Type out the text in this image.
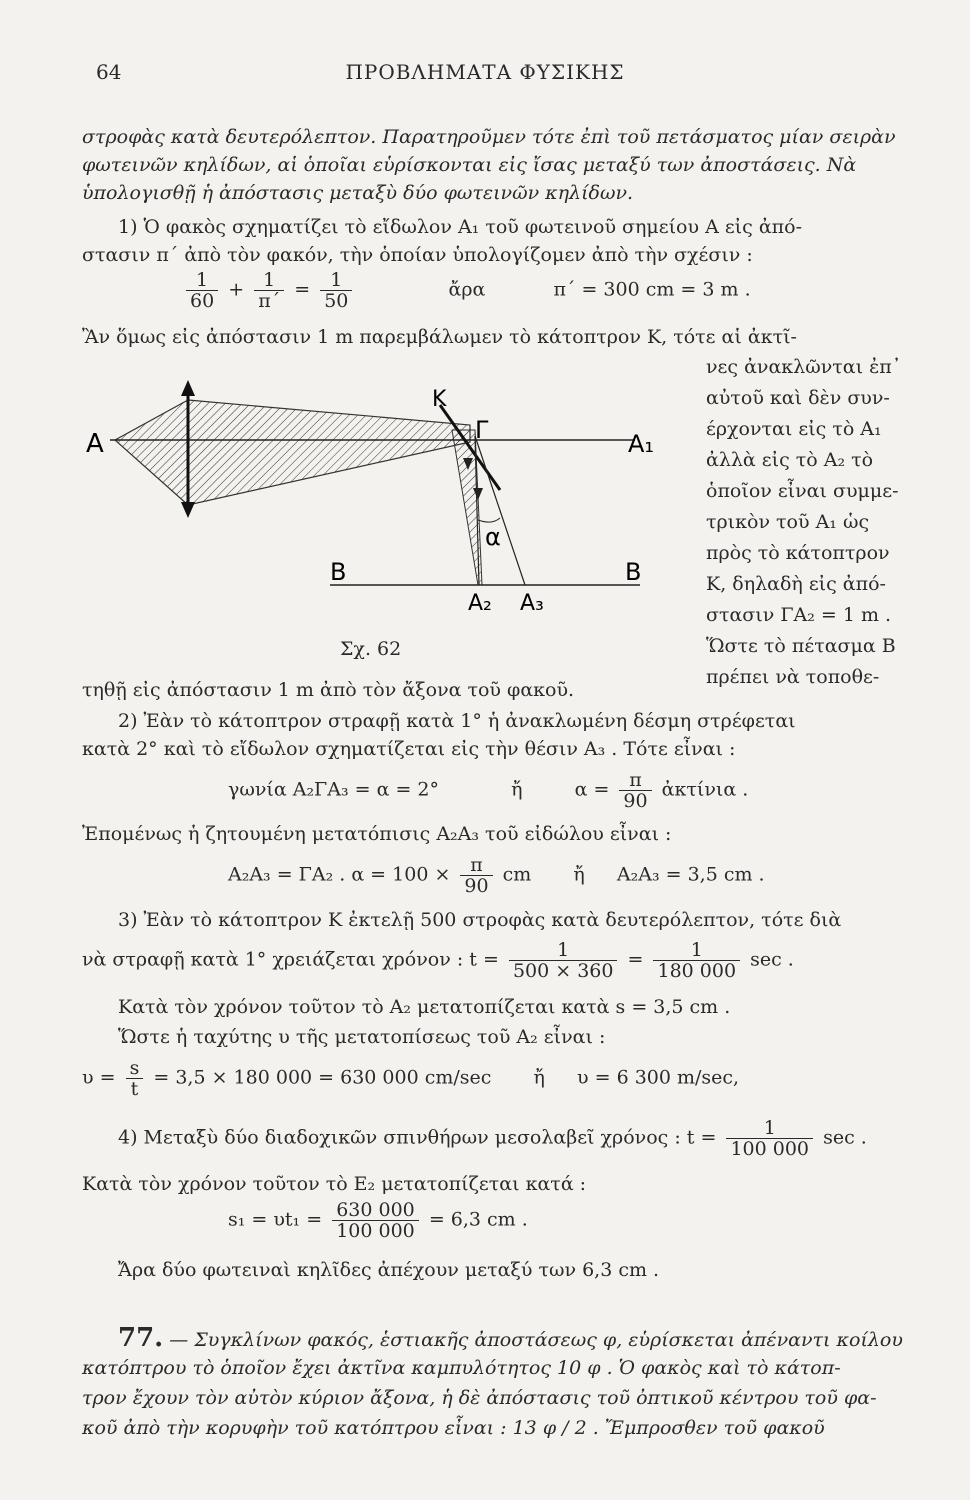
64	ΠΡΟΒΛΗΜΑΤΑ ΦΥΣΙΚΗΣ
στροφὰς κατὰ δευτερόλεπτον. Παρατηροῦμεν τότε ἐπὶ τοῦ πετάσματος μίαν σειρὰν
φωτεινῶν κηλίδων, αἱ ὁποῖαι εὑρίσκονται εἰς ἴσας μεταξύ των ἀποστάσεις. Νὰ
ὑπολογισθῇ ἡ ἀπόστασις μεταξὺ δύο φωτεινῶν κηλίδων.
1) Ὁ φακὸς σχηματίζει τὸ εἴδωλον Α₁ τοῦ φωτεινοῦ σημείου Α εἰς ἀπό-
στασιν π΄ ἀπὸ τὸν φακόν, τὴν ὁποίαν ὑπολογίζομεν ἀπὸ τὴν σχέσιν :
$\frac{1}{60} + \frac{1}{\pi΄} = \frac{1}{50}$	ἄρα	π΄ = 300 cm = 3 m .
Ἂν ὅμως εἰς ἀπόστασιν 1 m παρεμβάλωμεν τὸ κάτοπτρον Κ, τότε αἱ ἀκτῖ-
νες ἀνακλῶνται ἐπ᾽
αὐτοῦ καὶ δὲν συν-
έρχονται εἰς τὸ Α₁
ἀλλὰ εἰς τὸ Α₂ τὸ
ὁποῖον εἶναι συμμε-
τρικὸν τοῦ Α₁ ὡς
πρὸς τὸ κάτοπτρον
Κ, δηλαδὴ εἰς ἀπό-
στασιν ΓΑ₂ = 1 m .
Ὥστε τὸ πέτασμα Β
πρέπει νὰ τοποθε-
A
K
Γ	A₁
α
B	B
A₂ A₃
Σχ. 62
τηθῇ εἰς ἀπόστασιν 1 m ἀπὸ τὸν ἄξονα τοῦ φακοῦ.
2) Ἐὰν τὸ κάτοπτρον στραφῇ κατὰ 1° ἡ ἀνακλωμένη δέσμη στρέφεται
κατὰ 2° καὶ τὸ εἴδωλον σχηματίζεται εἰς τὴν θέσιν Α₃ . Τότε εἶναι :
γωνία Α₂ΓΑ₃ = α = 2°	ἤ	$\alpha = \frac{\pi}{90}$ ἀκτίνια .
Ἐπομένως ἡ ζητουμένη μετατόπισις Α₂Α₃ τοῦ εἰδώλου εἶναι :
Α₂Α₃ = ΓΑ₂ . $\alpha = 100 \times \frac{\pi}{90}$ cm ἤ Α₂Α₃ = 3,5 cm .
3) Ἐὰν τὸ κάτοπτρον Κ ἐκτελῇ 500 στροφὰς κατὰ δευτερόλεπτον, τότε διὰ
νὰ στραφῇ κατὰ 1° χρειάζεται χρόνον : $t = \frac{1}{500 \times 360} = \frac{1}{180 000}$ sec .
Κατὰ τὸν χρόνον τοῦτον τὸ Α₂ μετατοπίζεται κατὰ s = 3,5 cm .
Ὥστε ἡ ταχύτης υ τῆς μετατοπίσεως τοῦ Α₂ εἶναι :
$\upsilon = \frac{s}{t} = 3,5 \times 180$ 000 = 630 000 cm/sec ἤ υ = 6 300 m/sec,
4) Μεταξὺ δύο διαδοχικῶν σπινθήρων μεσολαβεῖ χρόνος : $t = \frac{1}{100 000}$ sec .
Κατὰ τὸν χρόνον τοῦτον τὸ Ε₂ μετατοπίζεται κατά :
$s_1 = \upsilon t_1 = \frac{630 000}{100 000} = 6,3$ cm .
Ἄρα δύο φωτειναὶ κηλῖδες ἀπέχουν μεταξύ των 6,3 cm .
77. — Συγκλίνων φακός, ἑστιακῆς ἀποστάσεως φ, εὑρίσκεται ἀπέναντι κοίλου
κατόπτρου τὸ ὁποῖον ἔχει ἀκτῖνα καμπυλότητος 10 φ . Ὁ φακὸς καὶ τὸ κάτοπ-
τρον ἔχουν τὸν αὐτὸν κύριον ἄξονα, ἡ δὲ ἀπόστασις τοῦ ὀπτικοῦ κέντρου τοῦ φα-
κοῦ ἀπὸ τὴν κορυφὴν τοῦ κατόπτρου εἶναι : 13 φ / 2 . Ἔμπροσθεν τοῦ φακοῦ
